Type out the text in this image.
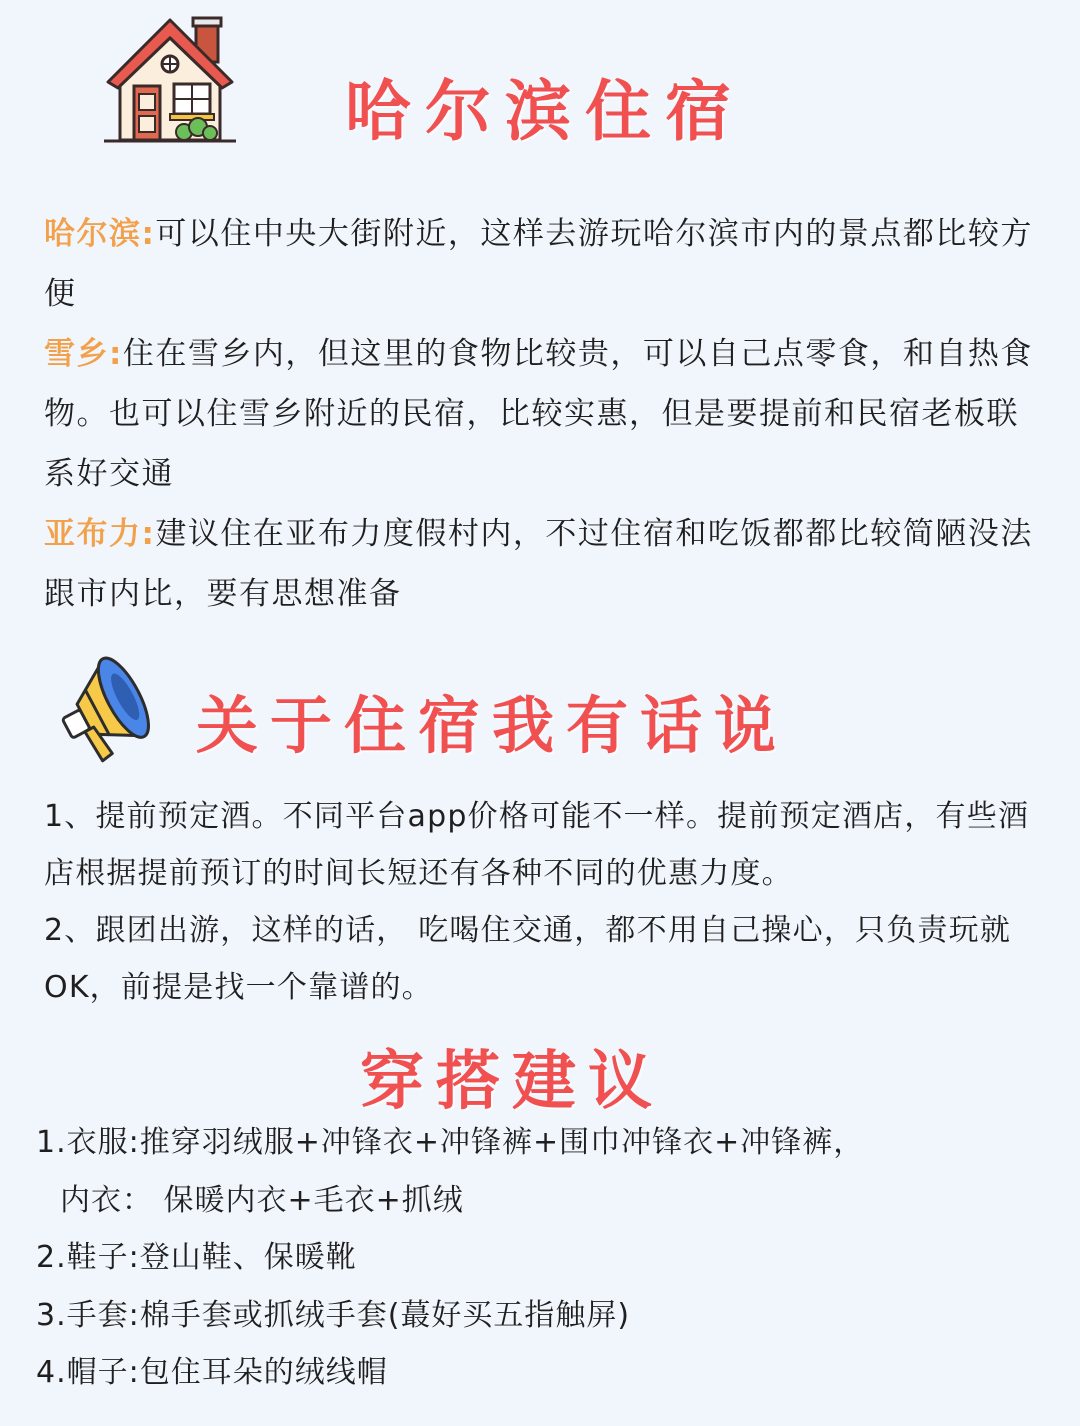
哈尔滨住宿
哈尔滨:可以住中央大街附近，这样去游玩哈尔滨市内的景点都比较方便
雪乡:住在雪乡内，但这里的食物比较贵，可以自己点零食，和自热食物。也可以住雪乡附近的民宿，比较实惠，但是要提前和民宿老板联系好交通
亚布力:建议住在亚布力度假村内，不过住宿和吃饭都都比较简陋没法跟市内比，要有思想准备
关于住宿我有话说
1、提前预定酒。不同平台app价格可能不一样。提前预定酒店，有些酒店根据提前预订的时间长短还有各种不同的优惠力度。
2、跟团出游，这样的话， 吃喝住交通，都不用自己操心，只负责玩就OK，前提是找一个靠谱的。
穿搭建议
1.衣服:推穿羽绒服+冲锋衣+冲锋裤+围巾冲锋衣+冲锋裤，
内衣： 保暖内衣+毛衣+抓绒
2.鞋子:登山鞋、保暖靴
3.手套:棉手套或抓绒手套(蕞好买五指触屏)
4.帽子:包住耳朵的绒线帽
